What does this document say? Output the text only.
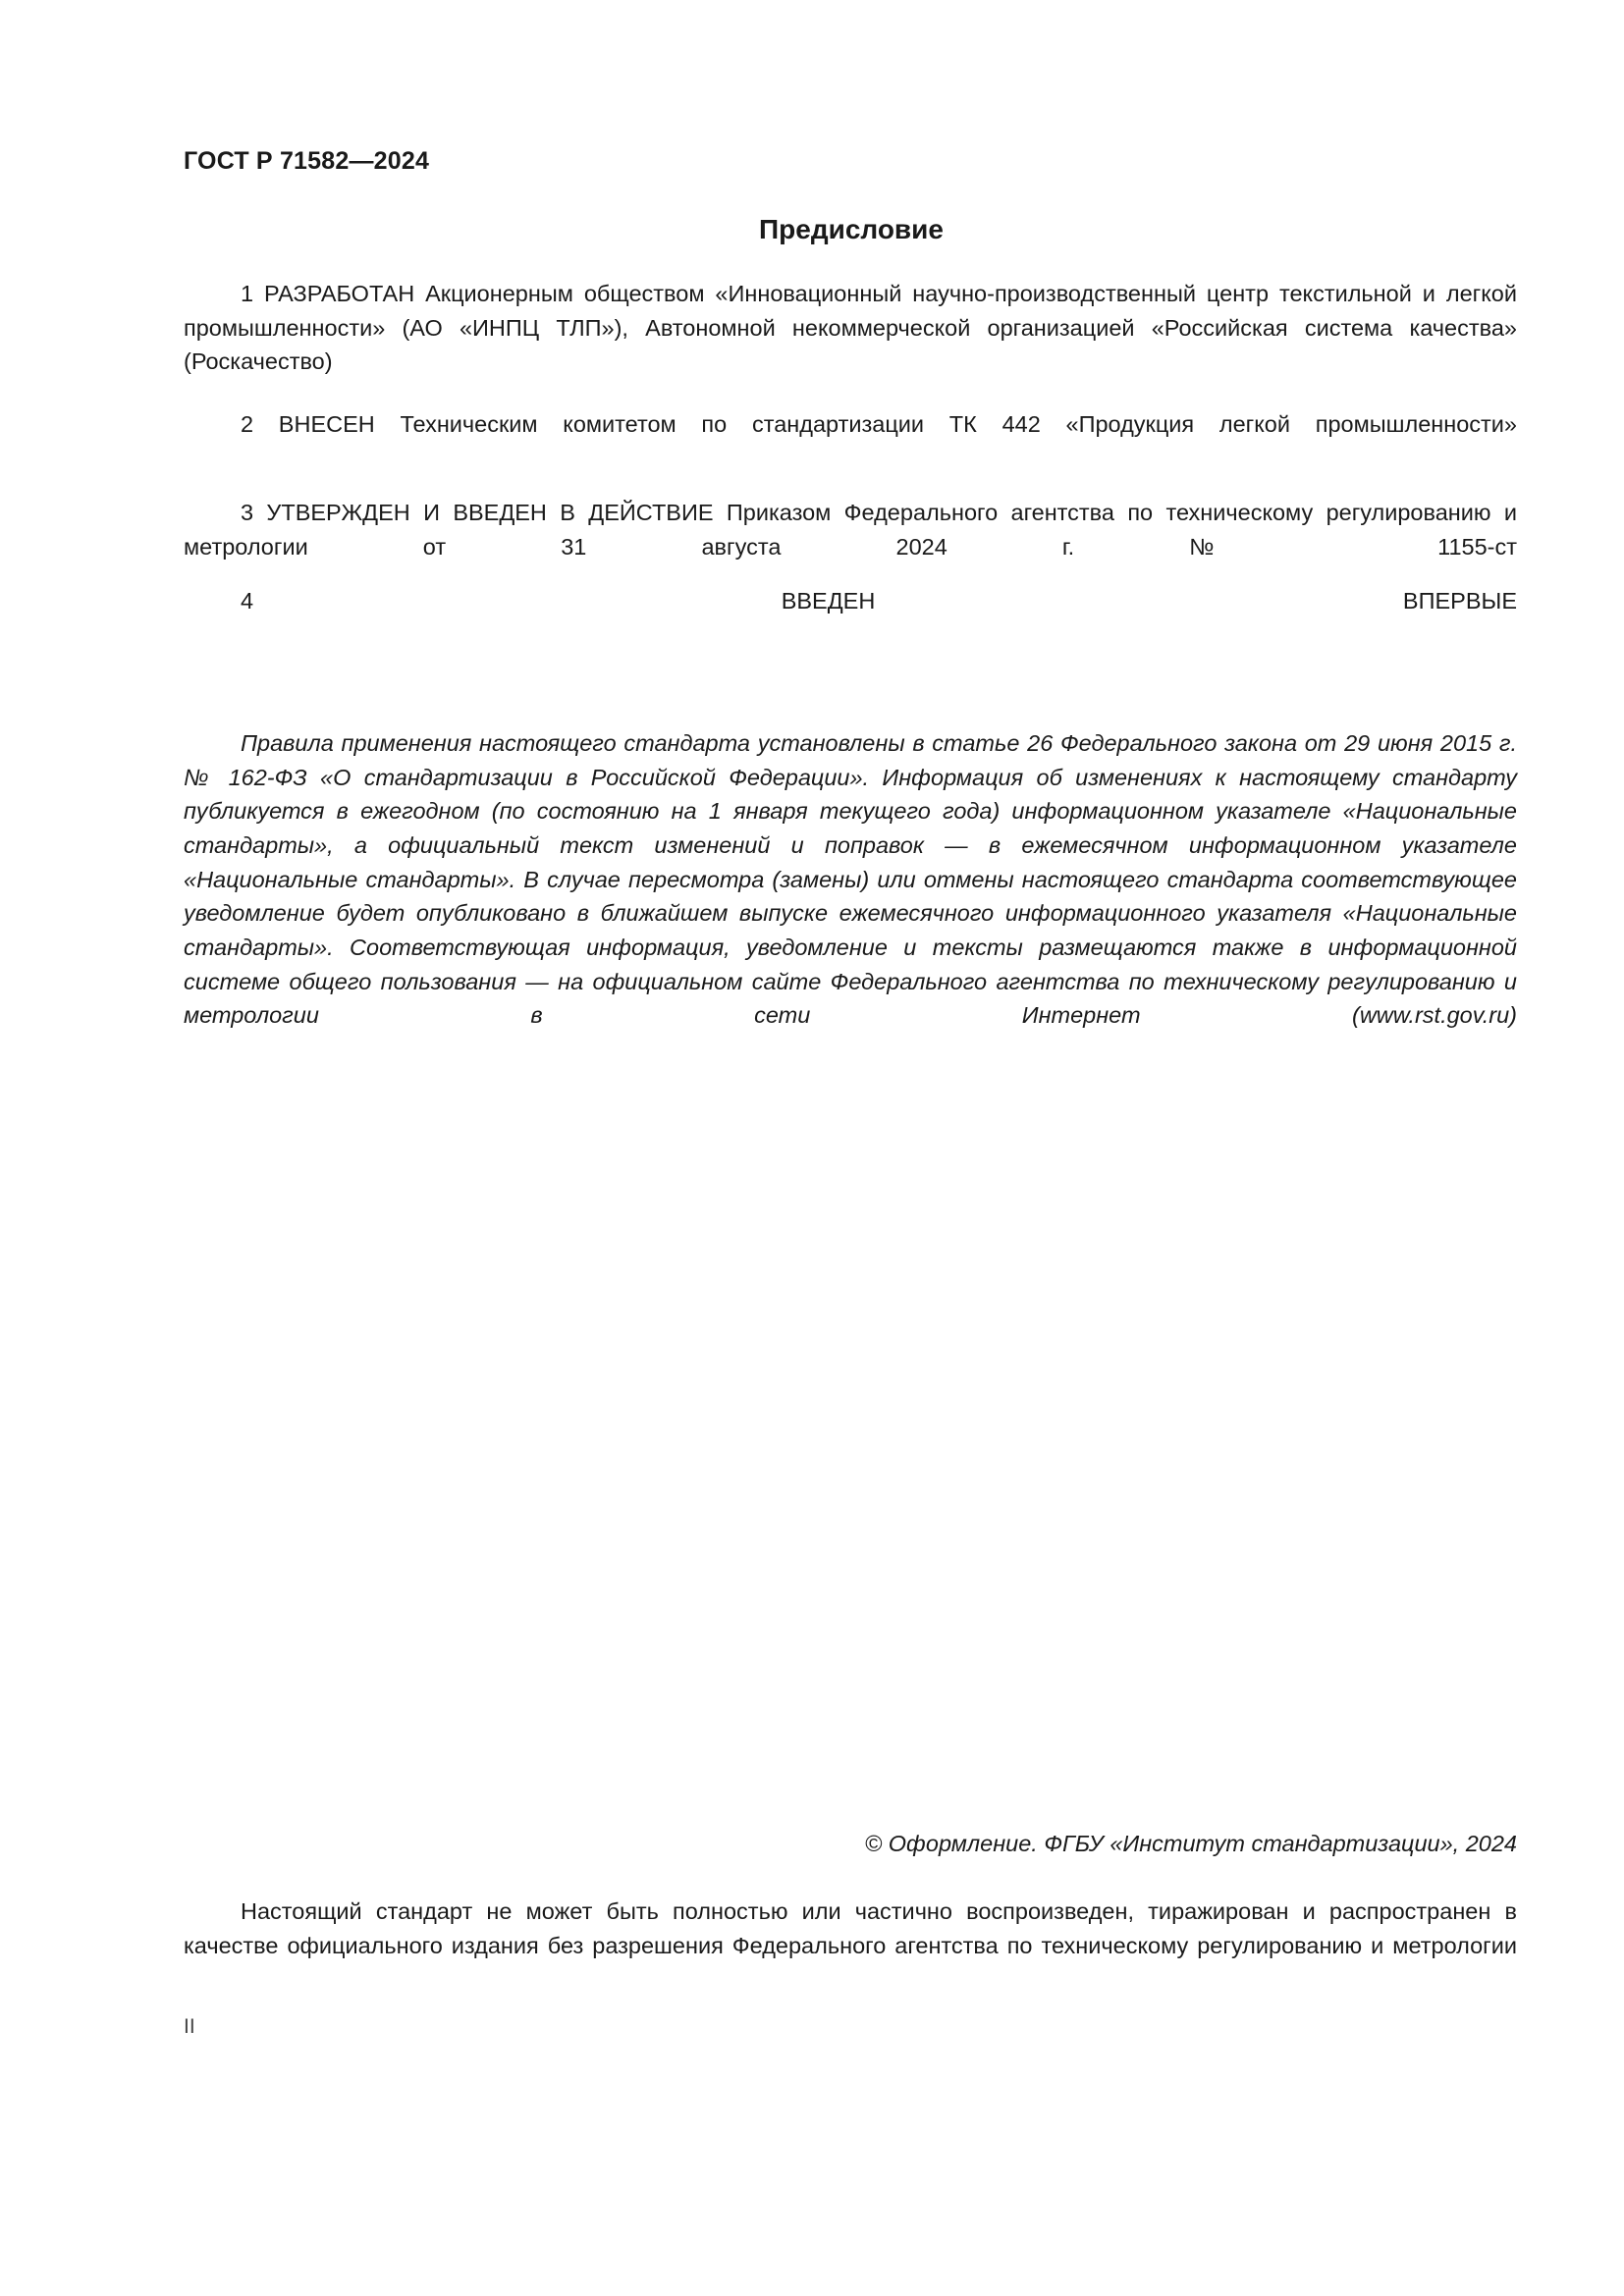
ГОСТ Р 71582—2024
Предисловие
1 РАЗРАБОТАН Акционерным обществом «Инновационный научно-производственный центр текстильной и легкой промышленности» (АО «ИНПЦ ТЛП»), Автономной некоммерческой организацией «Российская система качества» (Роскачество)
2 ВНЕСЕН Техническим комитетом по стандартизации ТК 442 «Продукция легкой промышленности»
3 УТВЕРЖДЕН И ВВЕДЕН В ДЕЙСТВИЕ Приказом Федерального агентства по техническому регулированию и метрологии от 31 августа 2024 г. № 1155-ст
4 ВВЕДЕН ВПЕРВЫЕ
Правила применения настоящего стандарта установлены в статье 26 Федерального закона от 29 июня 2015 г. № 162-ФЗ «О стандартизации в Российской Федерации». Информация об изменениях к настоящему стандарту публикуется в ежегодном (по состоянию на 1 января текущего года) информационном указателе «Национальные стандарты», а официальный текст изменений и поправок — в ежемесячном информационном указателе «Национальные стандарты». В случае пересмотра (замены) или отмены настоящего стандарта соответствующее уведомление будет опубликовано в ближайшем выпуске ежемесячного информационного указателя «Национальные стандарты». Соответствующая информация, уведомление и тексты размещаются также в информационной системе общего пользования — на официальном сайте Федерального агентства по техническому регулированию и метрологии в сети Интернет (www.rst.gov.ru)
© Оформление. ФГБУ «Институт стандартизации», 2024
Настоящий стандарт не может быть полностью или частично воспроизведен, тиражирован и распространен в качестве официального издания без разрешения Федерального агентства по техническому регулированию и метрологии
II
